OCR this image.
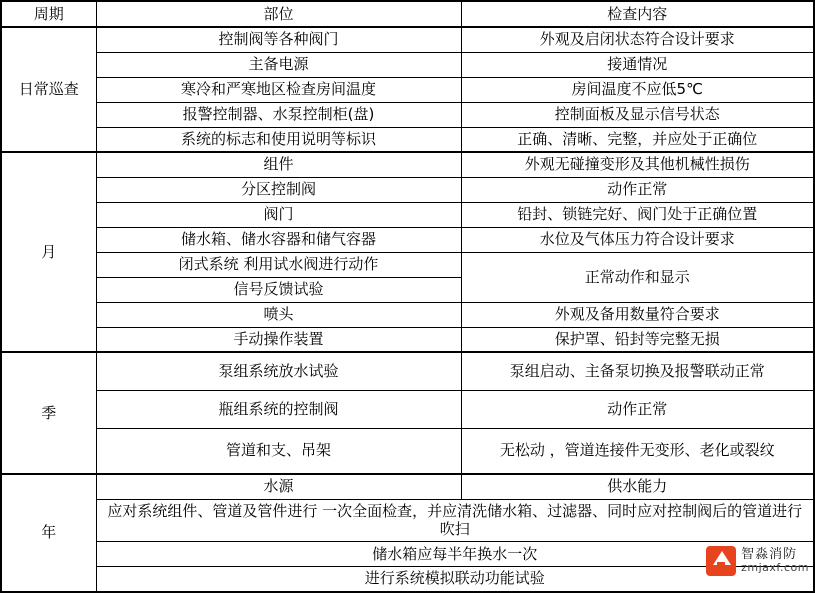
周期	部位	检查内容
日常巡查	控制阀等各种阀门	外观及启闭状态符合设计要求
	主备电源	接通情况
	寒冷和严寒地区检查房间温度	房间温度不应低5℃
	报警控制器、水泵控制柜(盘)	控制面板及显示信号状态
	系统的标志和使用说明等标识	正确、清晰、完整，并应处于正确位
月	组件	外观无碰撞变形及其他机械性损伤
	分区控制阀	动作正常
	阀门	铅封、锁链完好、阀门处于正确位置
	储水箱、储水容器和储气容器	水位及气体压力符合设计要求
	闭式系统 利用试水阀进行动作	正常动作和显示
	信号反馈试验	
	喷头	外观及备用数量符合要求
	手动操作装置	保护罩、铅封等完整无损
季	泵组系统放水试验	泵组启动、主备泵切换及报警联动正常
	瓶组系统的控制阀	动作正常
	管道和支、吊架	无松动 ，管道连接件无变形、老化或裂纹
年	水源	供水能力
	应对系统组件、管道及管件进行 一次全面检查，并应清洗储水箱、过滤器、同时应对控制阀后的管道进行吹扫	
	储水箱应每半年换水一次	
	进行系统模拟联动功能试验	
智淼消防
zmjaxf.com
